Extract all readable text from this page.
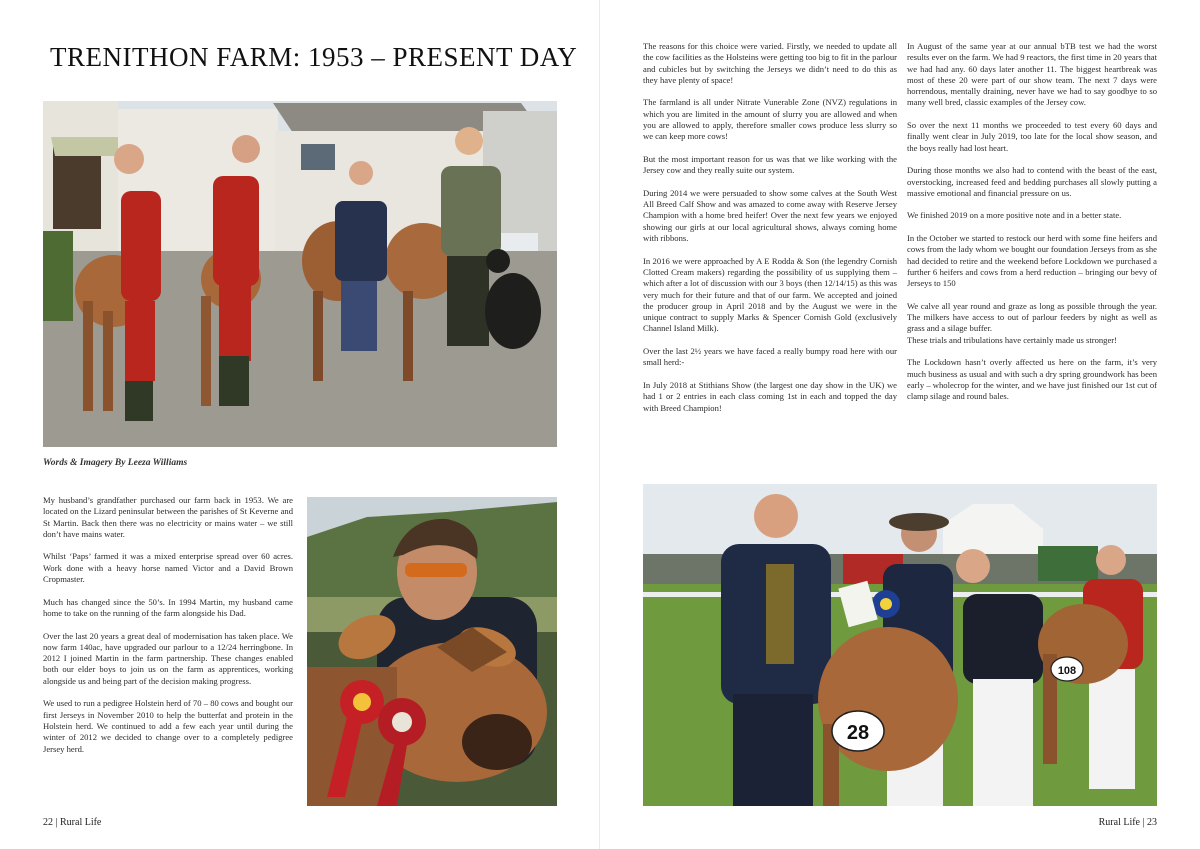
TRENITHON FARM: 1953 – PRESENT DAY

Words & Imagery By Leeza Williams

My husband’s grandfather purchased our farm back in 1953. We are located on the Lizard peninsular between the parishes of St Keverne and St Martin. Back then there was no electricity or mains water – we still don’t have mains water.

Whilst ‘Paps’ farmed it was a mixed enterprise spread over 60 acres. Work done with a heavy horse named Victor and a David Brown Cropmaster.

Much has changed since the 50’s. In 1994 Martin, my husband came home to take on the running of the farm alongside his Dad.

Over the last 20 years a great deal of modernisation has taken place. We now farm 140ac, have upgraded our parlour to a 12/24 herringbone. In 2012 I joined Martin in the farm partnership. These changes enabled both our elder boys to join us on the farm as apprentices, working alongside us and being part of the decision making progress.

We used to run a pedigree Holstein herd of 70 – 80 cows and bought our first Jerseys in November 2010 to help the butterfat and protein in the Holstein herd. We continued to add a few each year until during the winter of 2012 we decided to change over to a completely pedigree Jersey herd.

22 | Rural Life

The reasons for this choice were varied. Firstly, we needed to update all the cow facilities as the Holsteins were getting too big to fit in the parlour and cubicles but by switching the Jerseys we didn’t need to do this as they have plenty of space!

The farmland is all under Nitrate Vunerable Zone (NVZ) regulations in which you are limited in the amount of slurry you are allowed and when you are allowed to apply, therefore smaller cows produce less slurry so we can keep more cows!

But the most important reason for us was that we like working with the Jersey cow and they really suite our system.

During 2014 we were persuaded to show some calves at the South West All Breed Calf Show and was amazed to come away with Reserve Jersey Champion with a home bred heifer! Over the next few years we enjoyed showing our girls at our local agricultural shows, always coming home with ribbons.

In 2016 we were approached by A E Rodda & Son (the legendry Cornish Clotted Cream makers) regarding the possibility of us supplying them – which after a lot of discussion with our 3 boys (then 12/14/15) as this was very much for their future and that of our farm. We accepted and joined the producer group in April 2018 and by the August we were in the unique contract to supply Marks & Spencer Cornish Gold (exclusively Channel Island Milk).

Over the last 2½ years we have faced a really bumpy road here with our small herd:-

In July 2018 at Stithians Show (the largest one day show in the UK) we had 1 or 2 entries in each class coming 1st in each and topped the day with Breed Champion!

In August of the same year at our annual bTB test we had the worst results ever on the farm. We had 9 reactors, the first time in 20 years that we had had any. 60 days later another 11. The biggest heartbreak was most of these 20 were part of our show team. The next 7 days were horrendous, mentally draining, never have we had to say goodbye to so many well bred, classic examples of the Jersey cow.

So over the next 11 months we proceeded to test every 60 days and finally went clear in July 2019, too late for the local show season, and the boys really had lost heart.

During those months we also had to contend with the beast of the east, overstocking, increased feed and bedding purchases all slowly putting a massive emotional and financial pressure on us.

We finished 2019 on a more positive note and in a better state.

In the October we started to restock our herd with some fine heifers and cows from the lady whom we bought our foundation Jerseys from as she had decided to retire and the weekend before Lockdown we purchased a further 6 heifers and cows from a herd reduction – bringing our bevy of Jerseys to 150

We calve all year round and graze as long as possible through the year. The milkers have access to out of parlour feeders by night as well as grass and a silage buffer.
These trials and tribulations have certainly made us stronger!

The Lockdown hasn’t overly affected us here on the farm, it’s very much business as usual and with such a dry spring groundwork has been early – wholecrop for the winter, and we have just finished our 1st cut of clamp silage and round bales.

28
108

Rural Life | 23
